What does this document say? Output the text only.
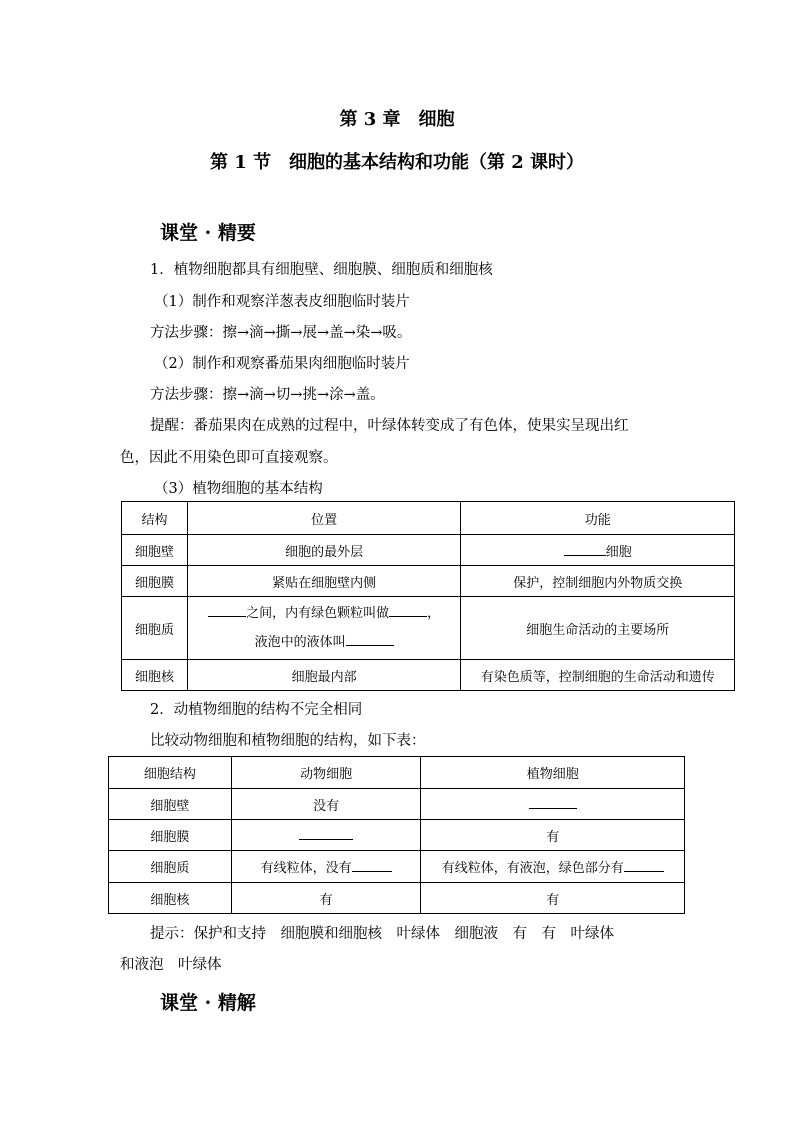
第 3 章　细胞
第 1 节　细胞的基本结构和功能（第 2 课时）
课堂 · 精要
1．植物细胞都具有细胞壁、细胞膜、细胞质和细胞核
（1）制作和观察洋葱表皮细胞临时装片
方法步骤：擦→滴→撕→展→盖→染→吸。
（2）制作和观察番茄果肉细胞临时装片
方法步骤：擦→滴→切→挑→涂→盖。
提醒：番茄果肉在成熟的过程中，叶绿体转变成了有色体，使果实呈现出红
色，因此不用染色即可直接观察。
（3）植物细胞的基本结构
结构	位置	功能
细胞壁	细胞的最外层	细胞
细胞膜	紧贴在细胞壁内侧	保护，控制细胞内外物质交换
细胞质	之间，内有绿色颗粒叫做 ，
液泡中的液体叫	细胞生命活动的主要场所
细胞核	细胞最内部	有染色质等，控制细胞的生命活动和遗传
2．动植物细胞的结构不完全相同
比较动物细胞和植物细胞的结构，如下表：
细胞结构	动物细胞	植物细胞
细胞壁	没有	
细胞膜		有
细胞质	有线粒体，没有	有线粒体，有液泡，绿色部分有
细胞核	有	有
提示：保护和支持　细胞膜和细胞核　叶绿体　细胞液　有　有　叶绿体
和液泡　叶绿体
课堂 · 精解
